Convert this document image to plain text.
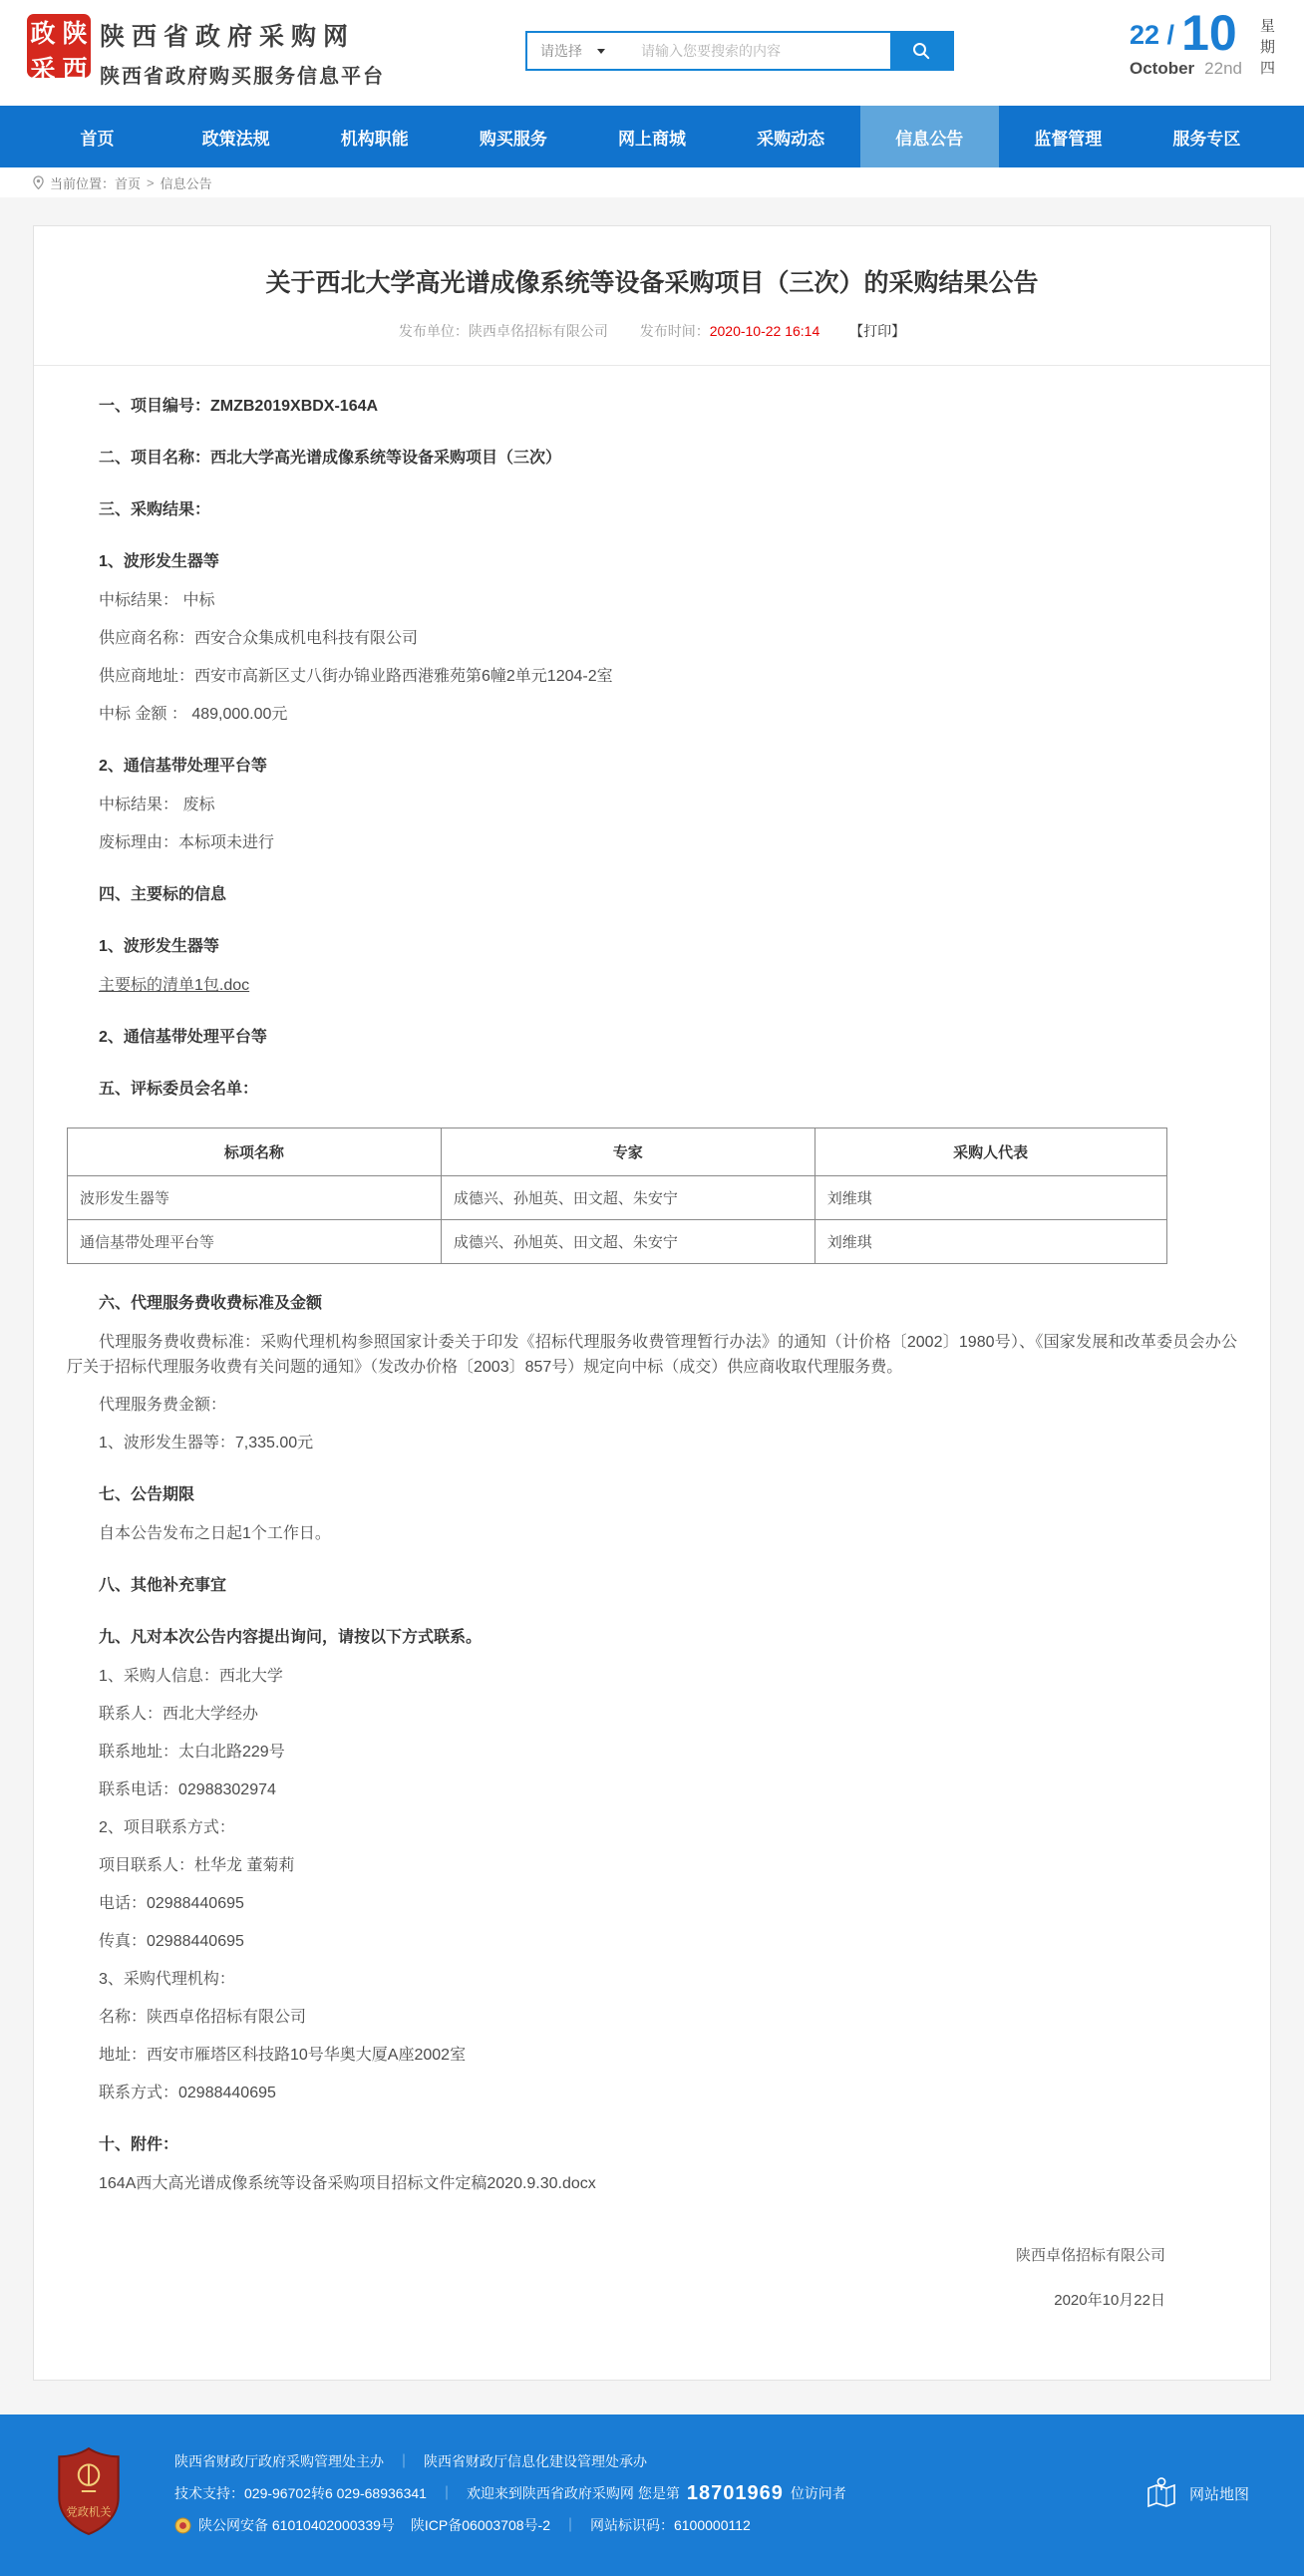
政 陕
采 西
陕西省政府采购网
陕西省政府购买服务信息平台
请选择
请输入您要搜索的内容
22 / 10
October 22nd
星期四
首页	政策法规	机构职能	购买服务	网上商城	采购动态	信息公告	监督管理	服务专区
当前位置： 首页 > 信息公告
关于西北大学高光谱成像系统等设备采购项目（三次）的采购结果公告
发布单位：陕西卓佲招标有限公司 发布时间：2020-10-22 16:14 【打印】

一、项目编号：ZMZB2019XBDX-164A

二、项目名称：西北大学高光谱成像系统等设备采购项目（三次）

三、采购结果：

1、波形发生器等

中标结果： 中标

供应商名称：西安合众集成机电科技有限公司

供应商地址：西安市高新区丈八街办锦业路西港雅苑第6幢2单元1204-2室

中标 金额 ： 489,000.00元

2、通信基带处理平台等

中标结果： 废标

废标理由：本标项未进行

四、主要标的信息

1、波形发生器等

主要标的清单1包.doc

2、通信基带处理平台等

五、评标委员会名单：

标项名称	专家	采购人代表
波形发生器等	成德兴、孙旭英、田文超、朱安宁	刘维琪
通信基带处理平台等	成德兴、孙旭英、田文超、朱安宁	刘维琪

六、代理服务费收费标准及金额

代理服务费收费标准：采购代理机构参照国家计委关于印发《招标代理服务收费管理暂行办法》的通知（计价格〔2002〕1980号）、《国家发展和改革委员会办公厅关于招标代理服务收费有关问题的通知》（发改办价格〔2003〕857号）规定向中标（成交）供应商收取代理服务费。

代理服务费金额：

1、波形发生器等：7,335.00元

七、公告期限

自本公告发布之日起1个工作日。

八、其他补充事宜

九、凡对本次公告内容提出询问，请按以下方式联系。

1、采购人信息：西北大学

联系人：西北大学经办

联系地址：太白北路229号

联系电话：02988302974

2、项目联系方式：

项目联系人：杜华龙 董菊莉

电话：02988440695

传真：02988440695

3、采购代理机构：

名称：陕西卓佲招标有限公司

地址：西安市雁塔区科技路10号华奥大厦A座2002室

联系方式：02988440695

十、附件：

164A西大高光谱成像系统等设备采购项目招标文件定稿2020.9.30.docx
陕西卓佲招标有限公司
2020年10月22日
党政机关
陕西省财政厅政府采购管理处主办 ｜ 陕西省财政厅信息化建设管理处承办
技术支持：029-96702转6 029-68936341 ｜ 欢迎来到陕西省政府采购网 您是第 18701969 位访问者
陕公网安备 61010402000339号 陕ICP备06003708号-2 ｜ 网站标识码：6100000112
网站地图
